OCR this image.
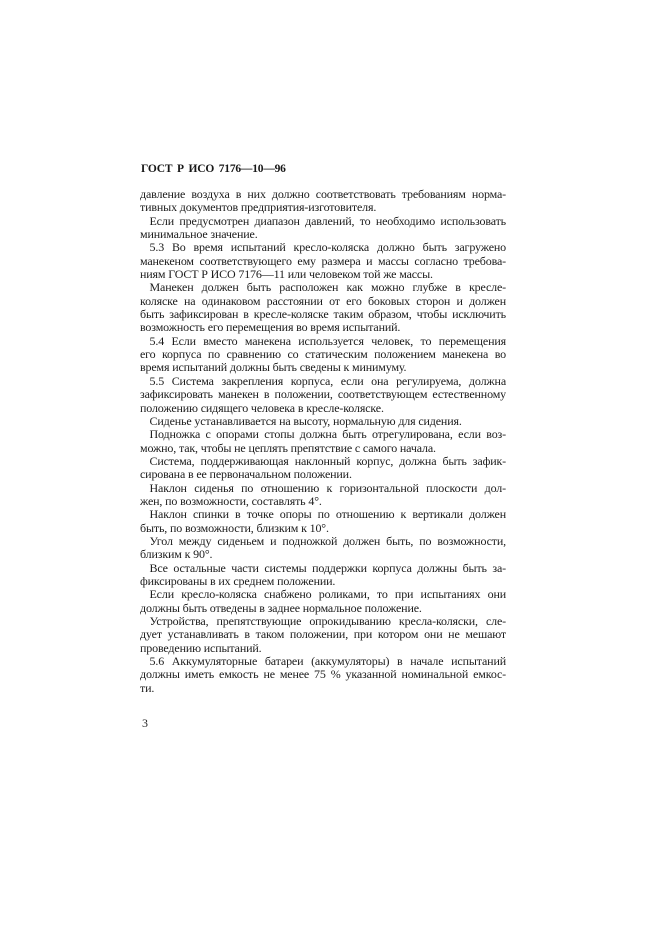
ГОСТ Р ИСО 7176—10—96
давление воздуха в них должно соответствовать требованиям норма-
тивных документов предприятия-изготовителя.
Если предусмотрен диапазон давлений, то необходимо использовать
минимальное значение.
5.3 Во время испытаний кресло-коляска должно быть загружено
манекеном соответствующего ему размера и массы согласно требова-
ниям ГОСТ Р ИСО 7176—11 или человеком той же массы.
Манекен должен быть расположен как можно глубже в кресле-
коляске на одинаковом расстоянии от его боковых сторон и должен
быть зафиксирован в кресле-коляске таким образом, чтобы исключить
возможность его перемещения во время испытаний.
5.4 Если вместо манекена используется человек, то перемещения
его корпуса по сравнению со статическим положением манекена во
время испытаний должны быть сведены к минимуму.
5.5 Система закрепления корпуса, если она регулируема, должна
зафиксировать манекен в положении, соответствующем естественному
положению сидящего человека в кресле-коляске.
Сиденье устанавливается на высоту, нормальную для сидения.
Подножка с опорами стопы должна быть отрегулирована, если воз-
можно, так, чтобы не цеплять препятствие с самого начала.
Система, поддерживающая наклонный корпус, должна быть зафик-
сирована в ее первоначальном положении.
Наклон сиденья по отношению к горизонтальной плоскости дол-
жен, по возможности, составлять 4°.
Наклон спинки в точке опоры по отношению к вертикали должен
быть, по возможности, близким к 10°.
Угол между сиденьем и подножкой должен быть, по возможности,
близким к 90°.
Все остальные части системы поддержки корпуса должны быть за-
фиксированы в их среднем положении.
Если кресло-коляска снабжено роликами, то при испытаниях они
должны быть отведены в заднее нормальное положение.
Устройства, препятствующие опрокидыванию кресла-коляски, сле-
дует устанавливать в таком положении, при котором они не мешают
проведению испытаний.
5.6 Аккумуляторные батареи (аккумуляторы) в начале испытаний
должны иметь емкость не менее 75 % указанной номинальной емкос-
ти.
3
